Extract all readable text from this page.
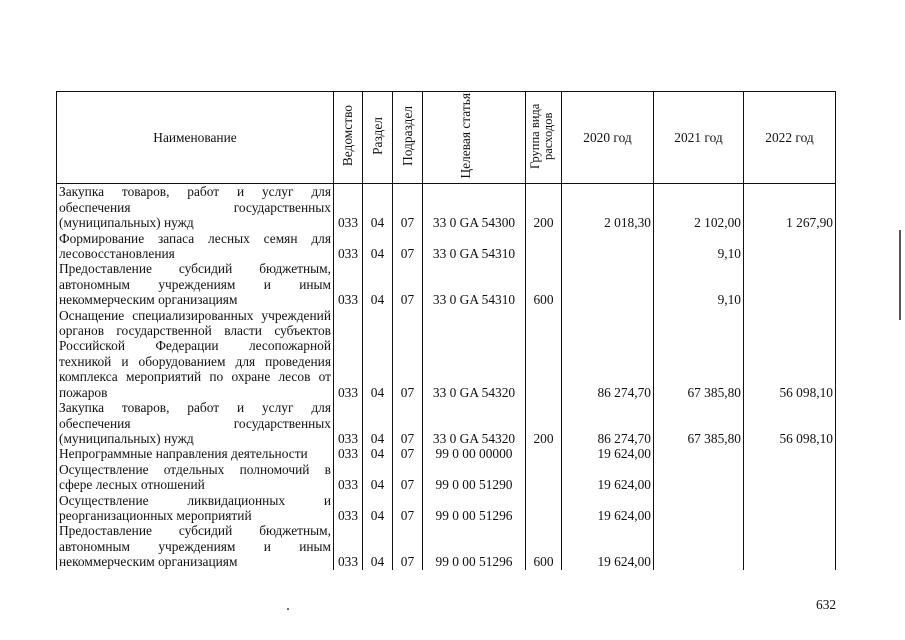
Наименование	Ведомство	Раздел	Подраздел	Целевая статья	Группа вида расходов	2020 год	2021 год	2022 год
Закупка товаров, работ и услуг для обеспечения государственных (муниципальных) нужд	033	04	07	33 0 GA 54300	200	2 018,30	2 102,00	1 267,90
Формирование запаса лесных семян для лесовосстановления	033	04	07	33 0 GA 54310			9,10	
Предоставление субсидий бюджетным, автономным учреждениям и иным некоммерческим организациям	033	04	07	33 0 GA 54310	600		9,10	
Оснащение специализированных учреждений органов государственной власти субъектов Российской Федерации лесопожарной техникой и оборудованием для проведения комплекса мероприятий по охране лесов от пожаров	033	04	07	33 0 GA 54320		86 274,70	67 385,80	56 098,10
Закупка товаров, работ и услуг для обеспечения государственных (муниципальных) нужд	033	04	07	33 0 GA 54320	200	86 274,70	67 385,80	56 098,10
Непрограммные направления деятельности	033	04	07	99 0 00 00000		19 624,00		
Осуществление отдельных полномочий в сфере лесных отношений	033	04	07	99 0 00 51290		19 624,00		
Осуществление ликвидационных и реорганизационных мероприятий	033	04	07	99 0 00 51296		19 624,00		
Предоставление субсидий бюджетным, автономным учреждениям и иным некоммерческим организациям	033	04	07	99 0 00 51296	600	19 624,00		
632
